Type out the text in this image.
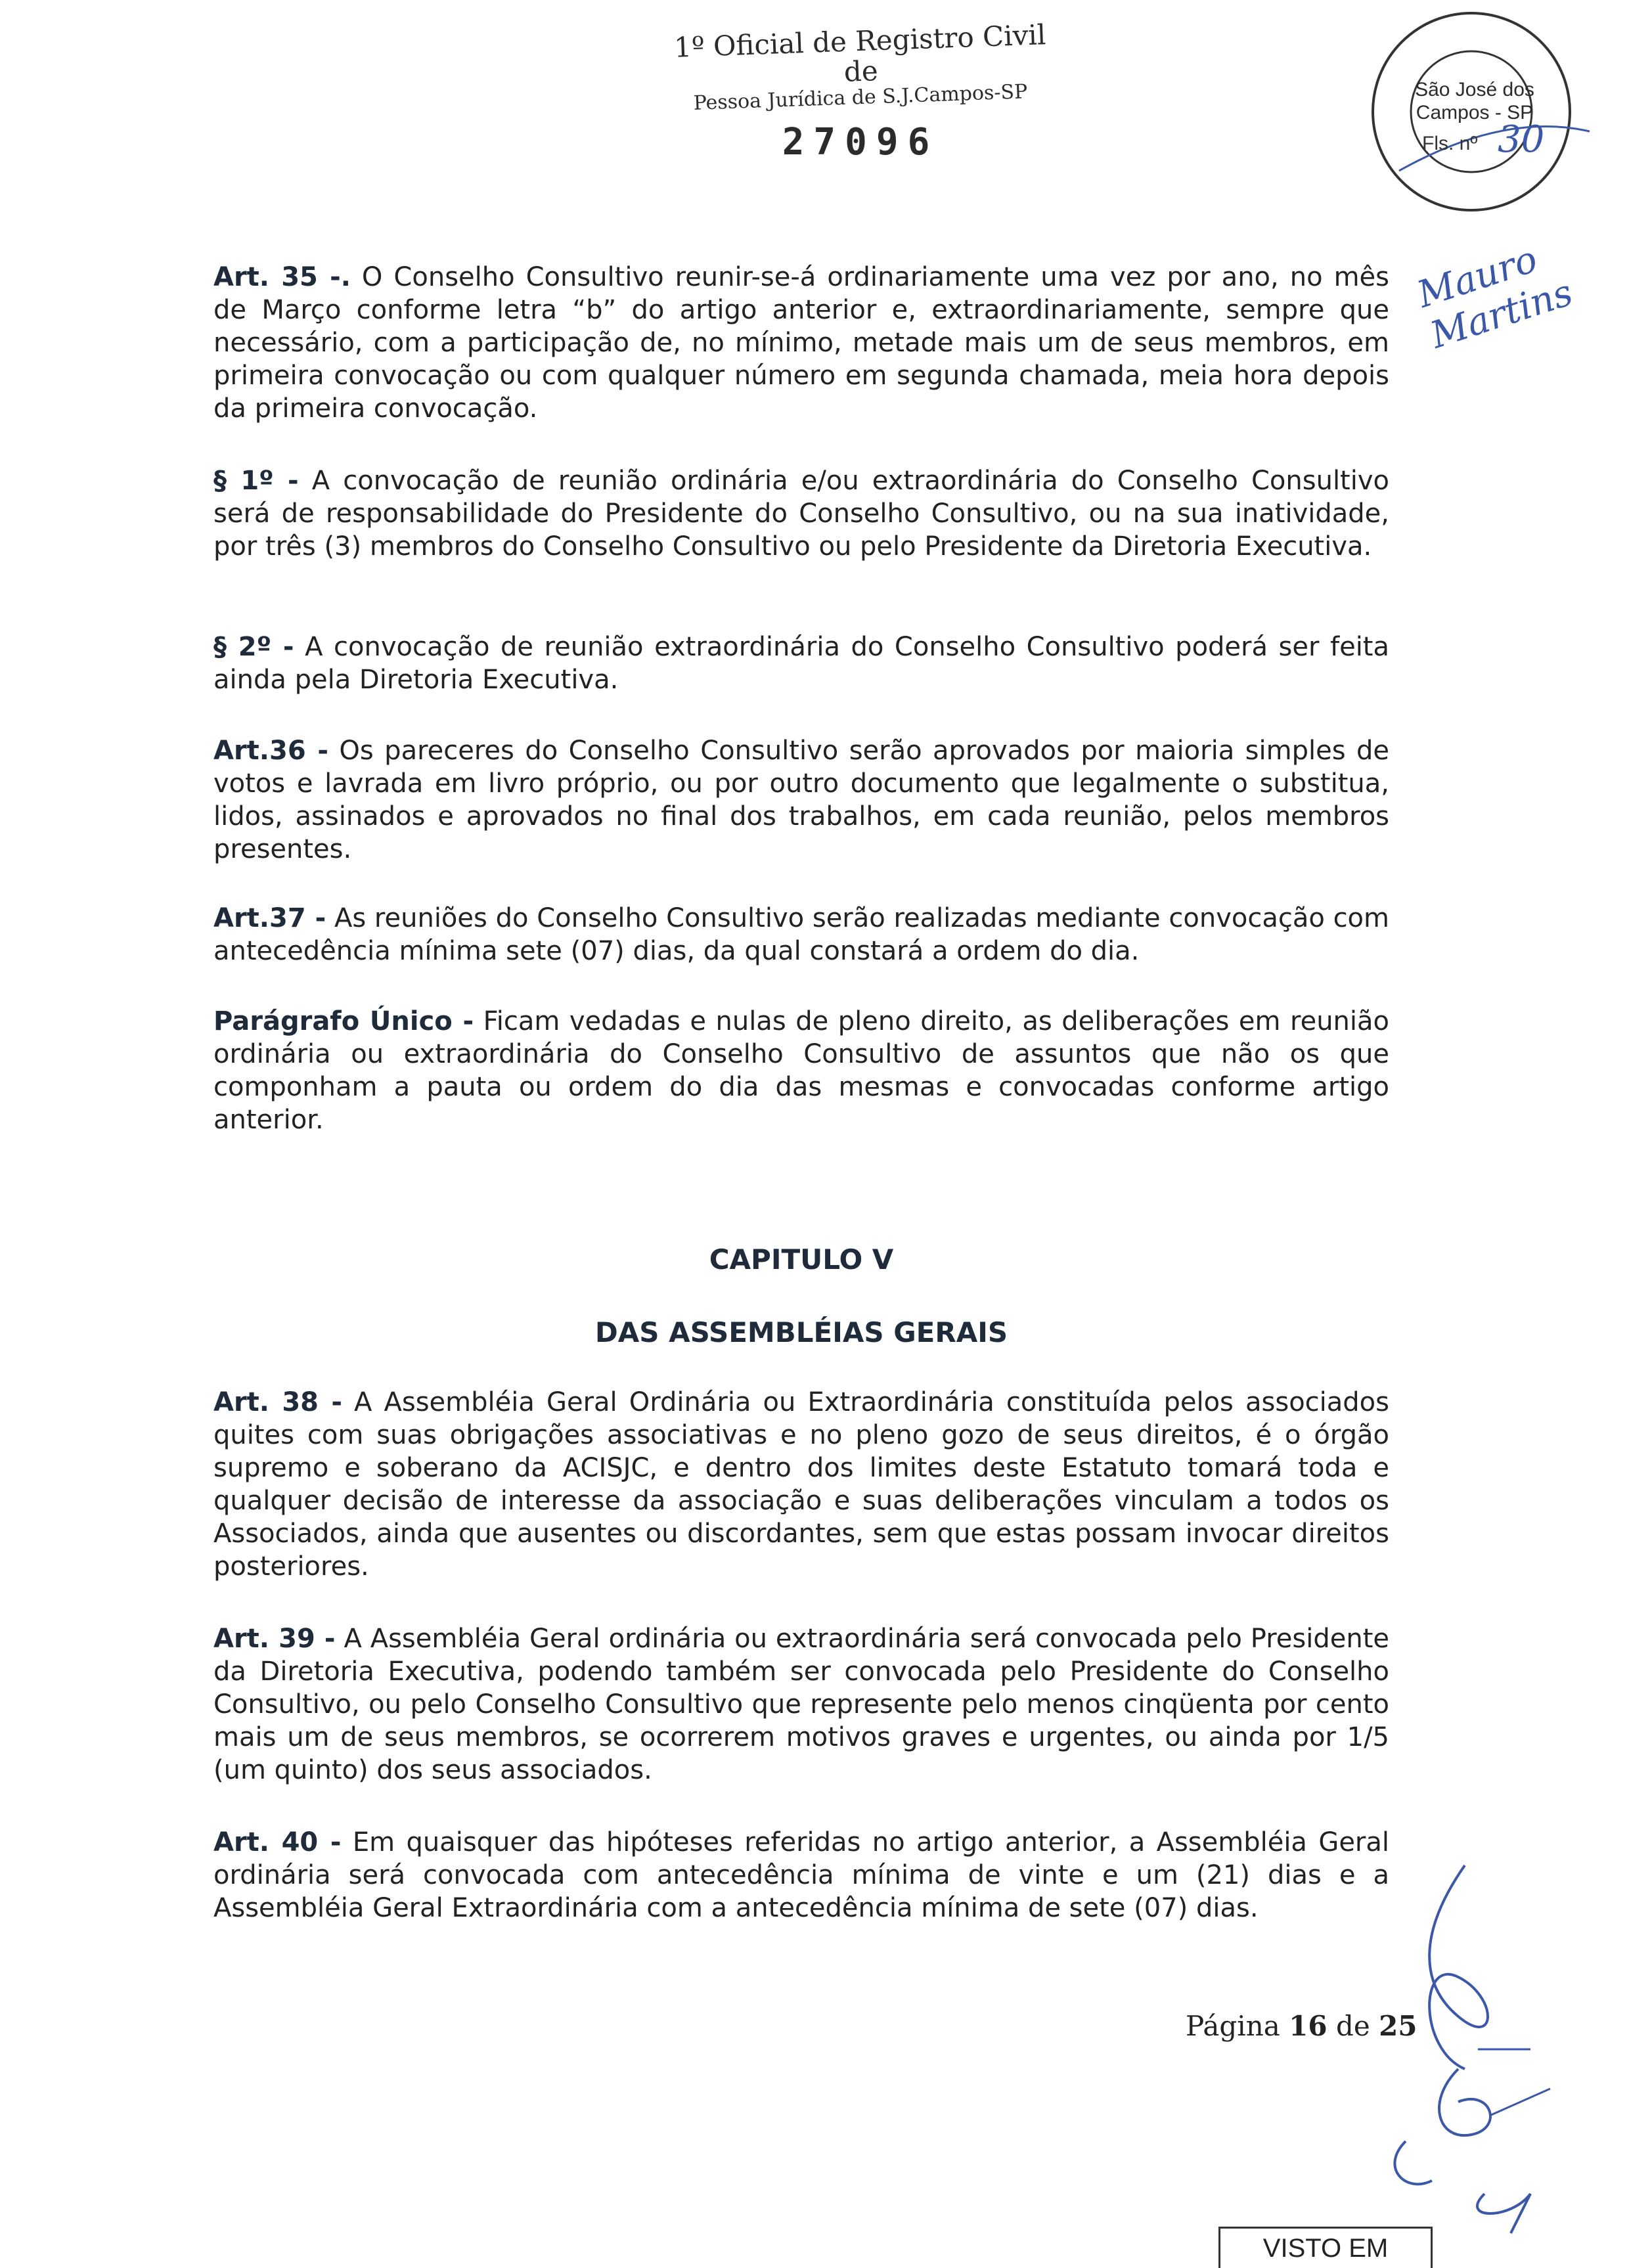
1º Oficial de Registro Civil de
Pessoa Jurídica de S.J.Campos-SP
27096
São José dos
Campos - SP
Fls. nº 30
Mauro Martins
Art. 35 -. O Conselho Consultivo reunir-se-á ordinariamente uma vez por ano, no mês de Março conforme letra “b” do artigo anterior e, extraordinariamente, sempre que necessário, com a participação de, no mínimo, metade mais um de seus membros, em primeira convocação ou com qualquer número em segunda chamada, meia hora depois da primeira convocação.
§ 1º - A convocação de reunião ordinária e/ou extraordinária do Conselho Consultivo será de responsabilidade do Presidente do Conselho Consultivo, ou na sua inatividade, por três (3) membros do Conselho Consultivo ou pelo Presidente da Diretoria Executiva.
§ 2º - A convocação de reunião extraordinária do Conselho Consultivo poderá ser feita ainda pela Diretoria Executiva.
Art.36 - Os pareceres do Conselho Consultivo serão aprovados por maioria simples de votos e lavrada em livro próprio, ou por outro documento que legalmente o substitua, lidos, assinados e aprovados no final dos trabalhos, em cada reunião, pelos membros presentes.
Art.37 - As reuniões do Conselho Consultivo serão realizadas mediante convocação com antecedência mínima sete (07) dias, da qual constará a ordem do dia.
Parágrafo Único - Ficam vedadas e nulas de pleno direito, as deliberações em reunião ordinária ou extraordinária do Conselho Consultivo de assuntos que não os que componham a pauta ou ordem do dia das mesmas e convocadas conforme artigo anterior.
CAPITULO V
DAS ASSEMBLÉIAS GERAIS
Art. 38 - A Assembléia Geral Ordinária ou Extraordinária constituída pelos associados quites com suas obrigações associativas e no pleno gozo de seus direitos, é o órgão supremo e soberano da ACISJC, e dentro dos limites deste Estatuto tomará toda e qualquer decisão de interesse da associação e suas deliberações vinculam a todos os Associados, ainda que ausentes ou discordantes, sem que estas possam invocar direitos posteriores.
Art. 39 - A Assembléia Geral ordinária ou extraordinária será convocada pelo Presidente da Diretoria Executiva, podendo também ser convocada pelo Presidente do Conselho Consultivo, ou pelo Conselho Consultivo que represente pelo menos cinqüenta por cento mais um de seus membros, se ocorrerem motivos graves e urgentes, ou ainda por 1/5 (um quinto) dos seus associados.
Art. 40 - Em quaisquer das hipóteses referidas no artigo anterior, a Assembléia Geral ordinária será convocada com antecedência mínima de vinte e um (21) dias e a Assembléia Geral Extraordinária com a antecedência mínima de sete (07) dias.
Página 16 de 25
VISTO EM
